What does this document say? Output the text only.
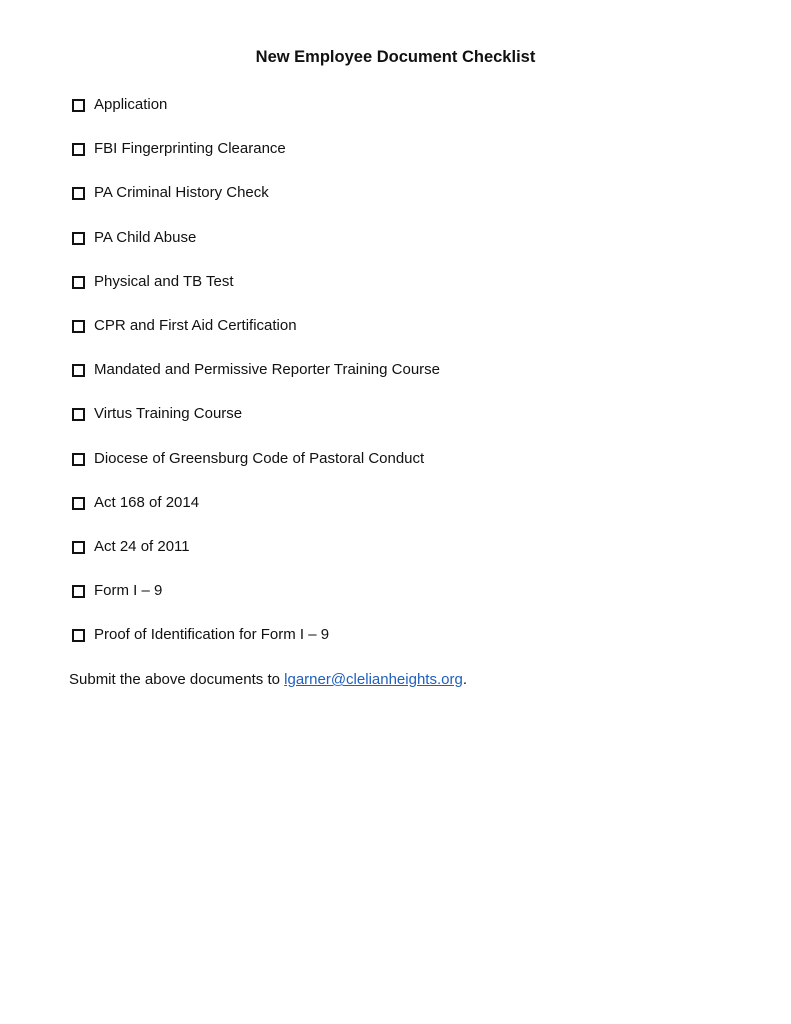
New Employee Document Checklist
Application
FBI Fingerprinting Clearance
PA Criminal History Check
PA Child Abuse
Physical and TB Test
CPR and First Aid Certification
Mandated and Permissive Reporter Training Course
Virtus Training Course
Diocese of Greensburg Code of Pastoral Conduct
Act 168 of 2014
Act 24 of 2011
Form I – 9
Proof of Identification for Form I – 9
Submit the above documents to lgarner@clelianheights.org.
